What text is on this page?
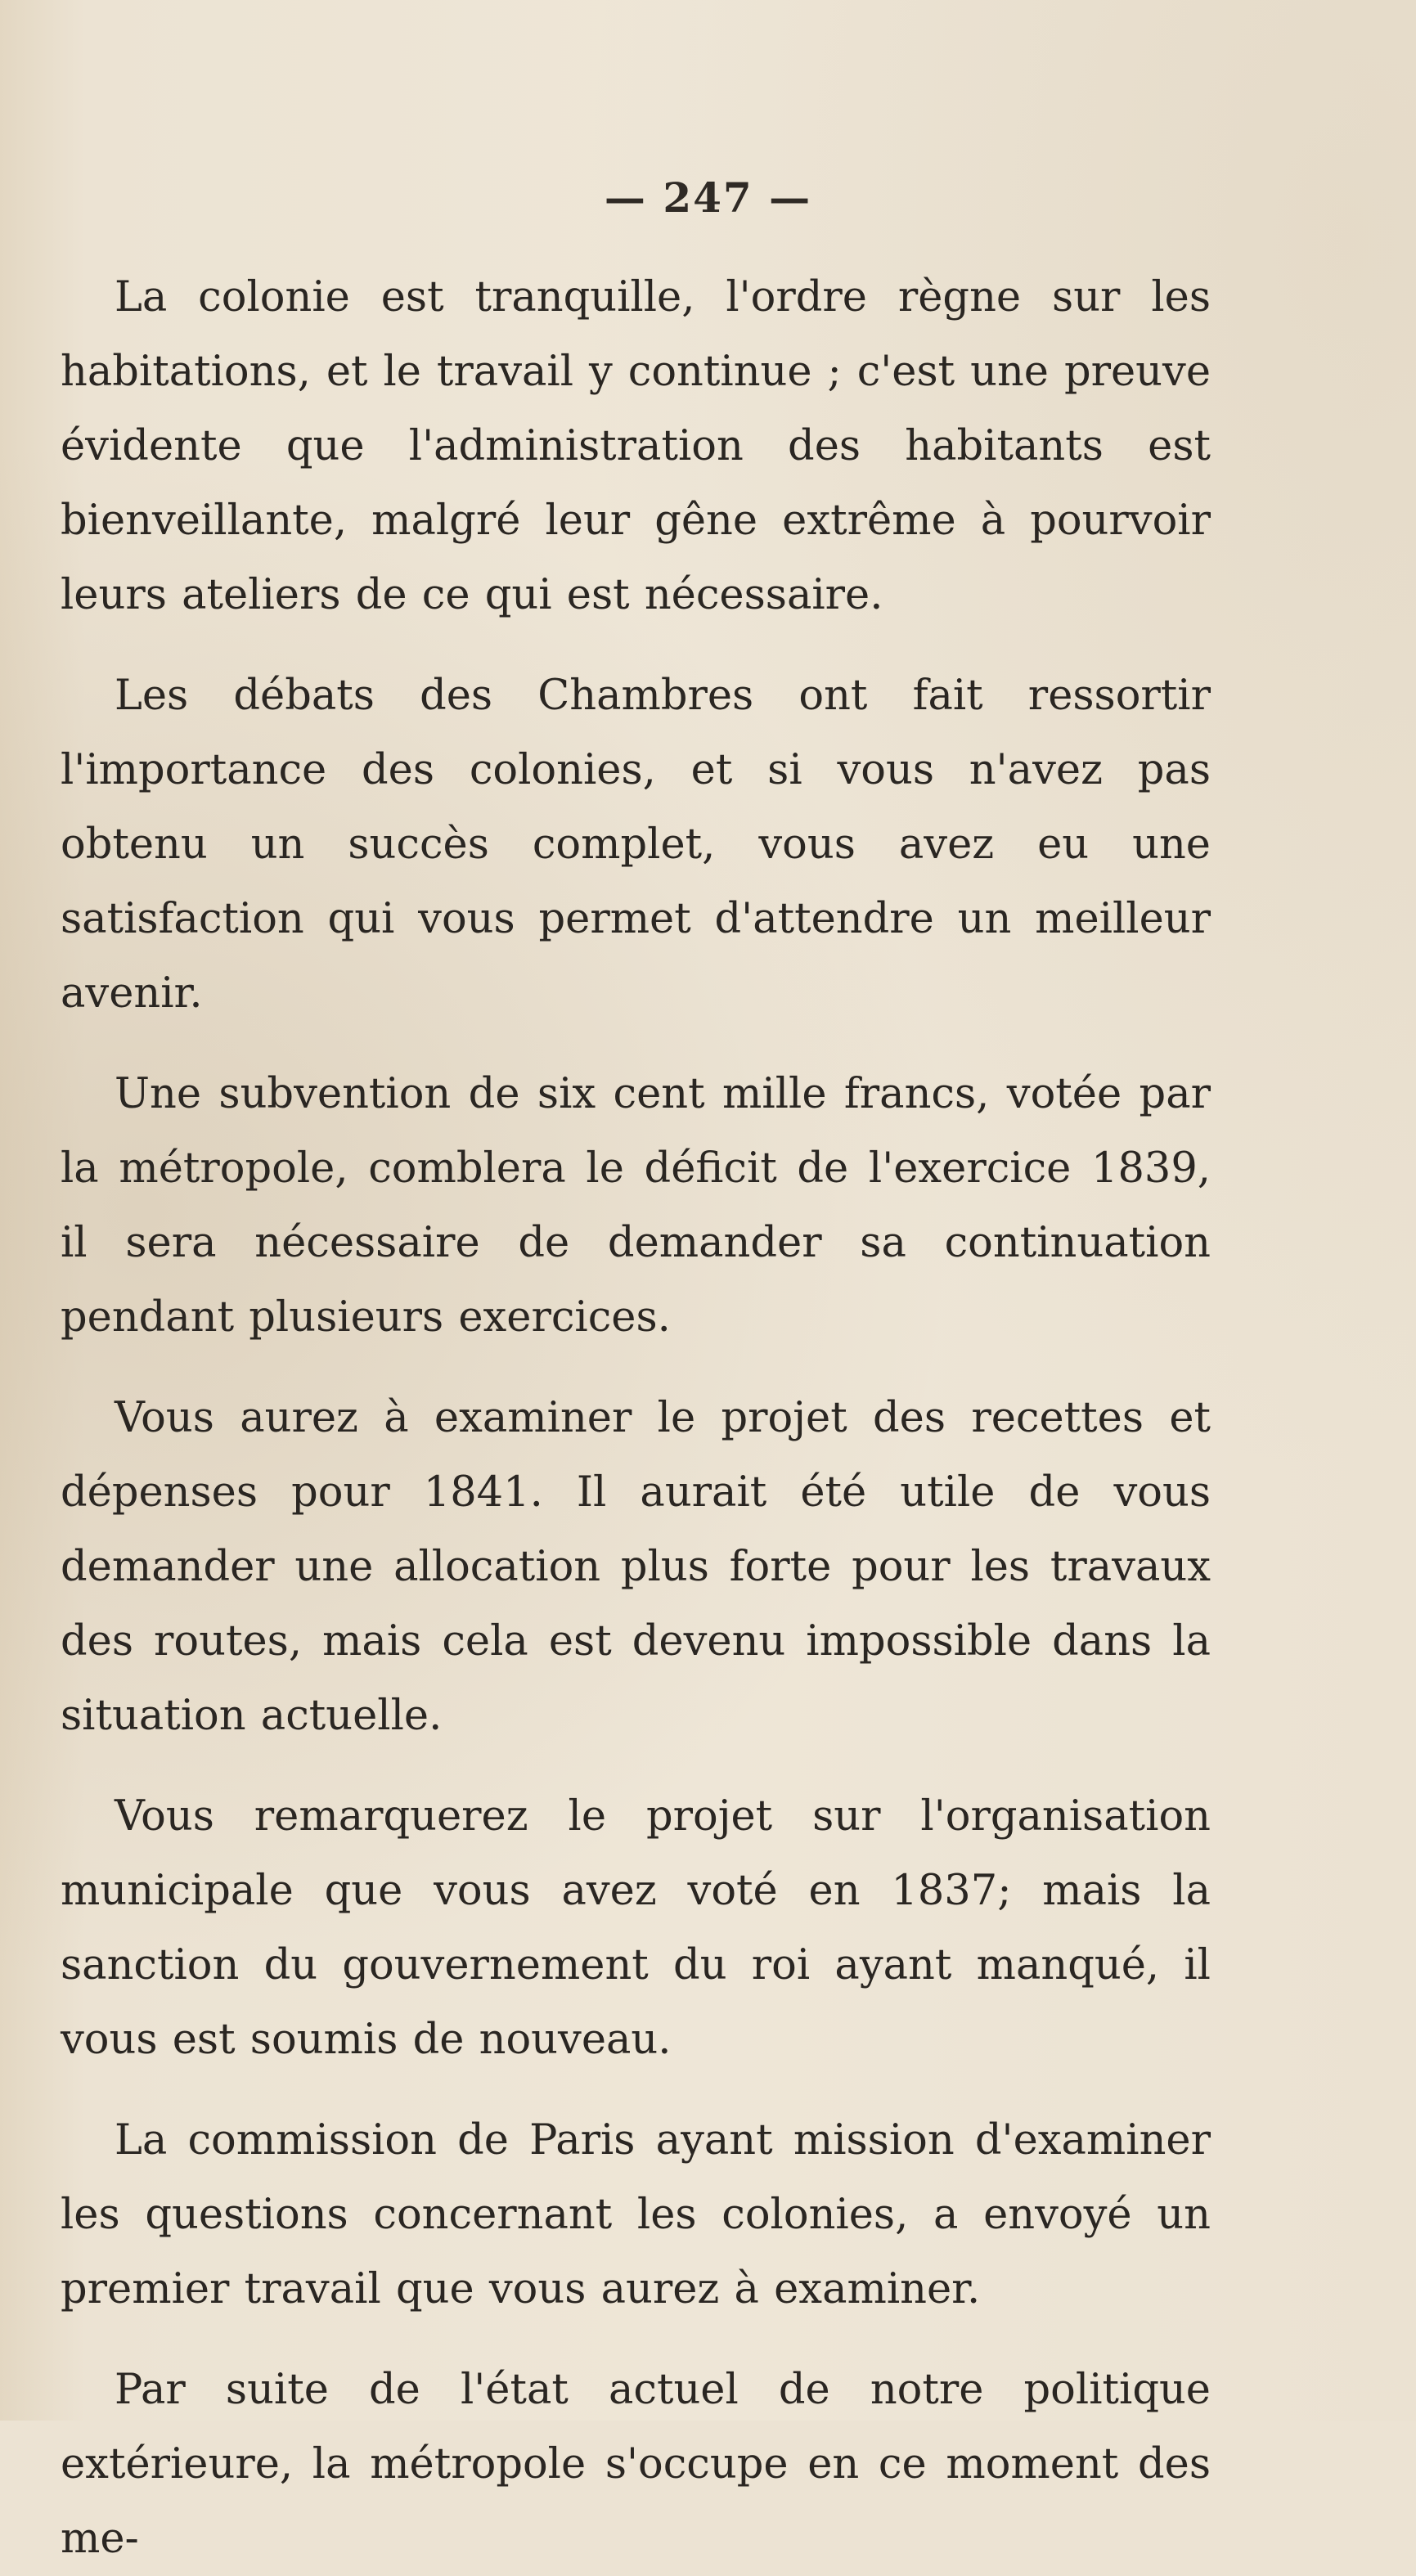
— 247 —

La colonie est tranquille, l'ordre règne sur les habitations, et le travail y continue ; c'est une preuve évidente que l'administration des habitants est bienveillante, malgré leur gêne extrême à pourvoir leurs ateliers de ce qui est nécessaire.

Les débats des Chambres ont fait ressortir l'importance des colonies, et si vous n'avez pas obtenu un succès complet, vous avez eu une satisfaction qui vous permet d'attendre un meilleur avenir.

Une subvention de six cent mille francs, votée par la métropole, comblera le déficit de l'exercice 1839, il sera nécessaire de demander sa continuation pendant plusieurs exercices.

Vous aurez à examiner le projet des recettes et dépenses pour 1841. Il aurait été utile de vous demander une allocation plus forte pour les travaux des routes, mais cela est devenu impossible dans la situation actuelle.

Vous remarquerez le projet sur l'organisation municipale que vous avez voté en 1837; mais la sanction du gouvernement du roi ayant manqué, il vous est soumis de nouveau.

La commission de Paris ayant mission d'examiner les questions concernant les colonies, a envoyé un premier travail que vous aurez à examiner.

Par suite de l'état actuel de notre politique extérieure, la métropole s'occupe en ce moment des me-
